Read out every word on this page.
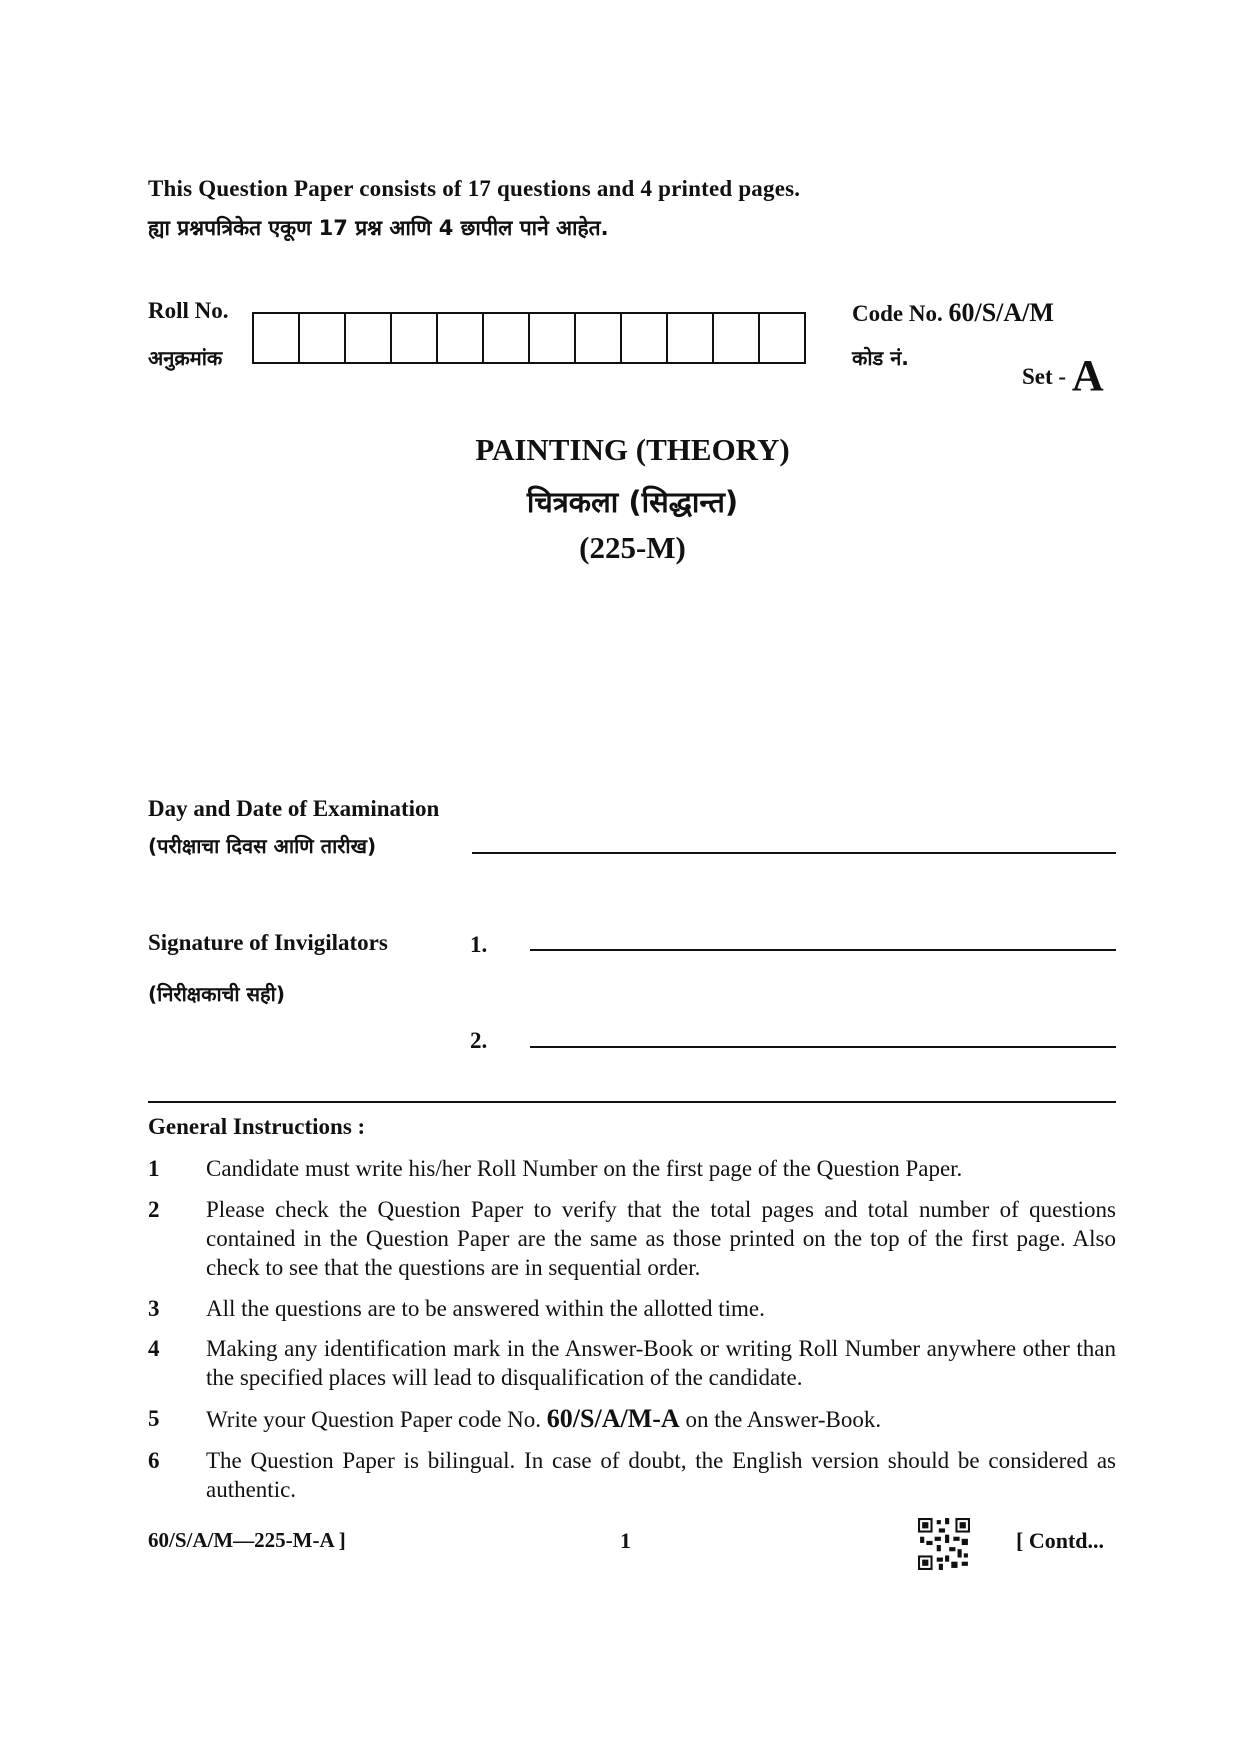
This Question Paper consists of 17 questions and 4 printed pages.
ह्या प्रश्नपत्रिकेत एकूण 17 प्रश्न आणि 4 छापील पाने आहेत.
Roll No.
अनुक्रमांक
Code No. 60/S/A/M
कोड नं.
Set - A
PAINTING (THEORY)
चित्रकला (सिद्धान्त)
(225-M)
Day and Date of Examination
(परीक्षाचा दिवस आणि तारीख)
Signature of Invigilators
(निरीक्षकाची सही)
1.
2.
General Instructions :
1	Candidate must write his/her Roll Number on the first page of the Question Paper.
2	Please check the Question Paper to verify that the total pages and total number of questions contained in the Question Paper are the same as those printed on the top of the first page. Also check to see that the questions are in sequential order.
3	All the questions are to be answered within the allotted time.
4	Making any identification mark in the Answer-Book or writing Roll Number anywhere other than the specified places will lead to disqualification of the candidate.
5	Write your Question Paper code No. 60/S/A/M-A on the Answer-Book.
6	The Question Paper is bilingual. In case of doubt, the English version should be considered as authentic.
60/S/A/M—225-M-A ]	1	[ Contd...
